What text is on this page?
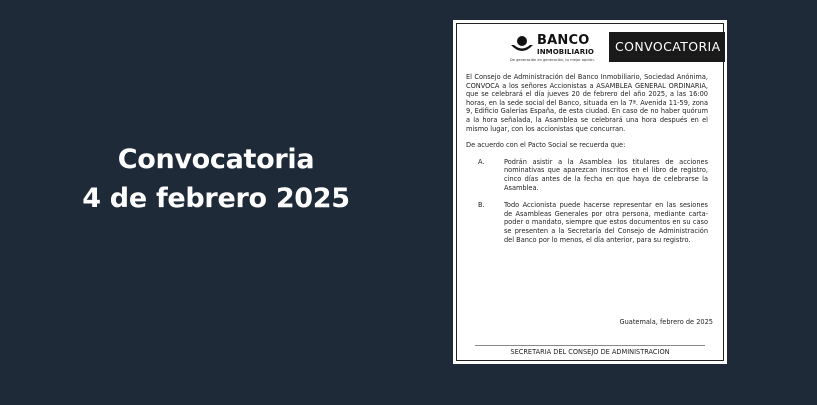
Convocatoria
4 de febrero 2025
BANCO
INMOBILIARIO
De generación en generación, tu mejor opción.
CONVOCATORIA

El Consejo de Administración del Banco Inmobiliario, Sociedad Anónima, CONVOCA a los señores Accionistas a ASAMBLEA GENERAL ORDINARIA, que se celebrará el día jueves 20 de febrero del año 2025, a las 16:00 horas, en la sede social del Banco, situada en la 7ª. Avenida 11-59, zona 9, Edificio Galerías España, de esta ciudad. En caso de no haber quórum a la hora señalada, la Asamblea se celebrará una hora después en el mismo lugar, con los accionistas que concurran.

De acuerdo con el Pacto Social se recuerda que:

A.	Podrán asistir a la Asamblea los titulares de acciones nominativas que aparezcan inscritos en el libro de registro, cinco días antes de la fecha en que haya de celebrarse la Asamblea.
B.	Todo Accionista puede hacerse representar en las sesiones de Asambleas Generales por otra persona, mediante carta-poder o mandato, siempre que estos documentos en su caso se presenten a la Secretaría del Consejo de Administración del Banco por lo menos, el día anterior, para su registro.
Guatemala, febrero de 2025
SECRETARIA DEL CONSEJO DE ADMINISTRACION
